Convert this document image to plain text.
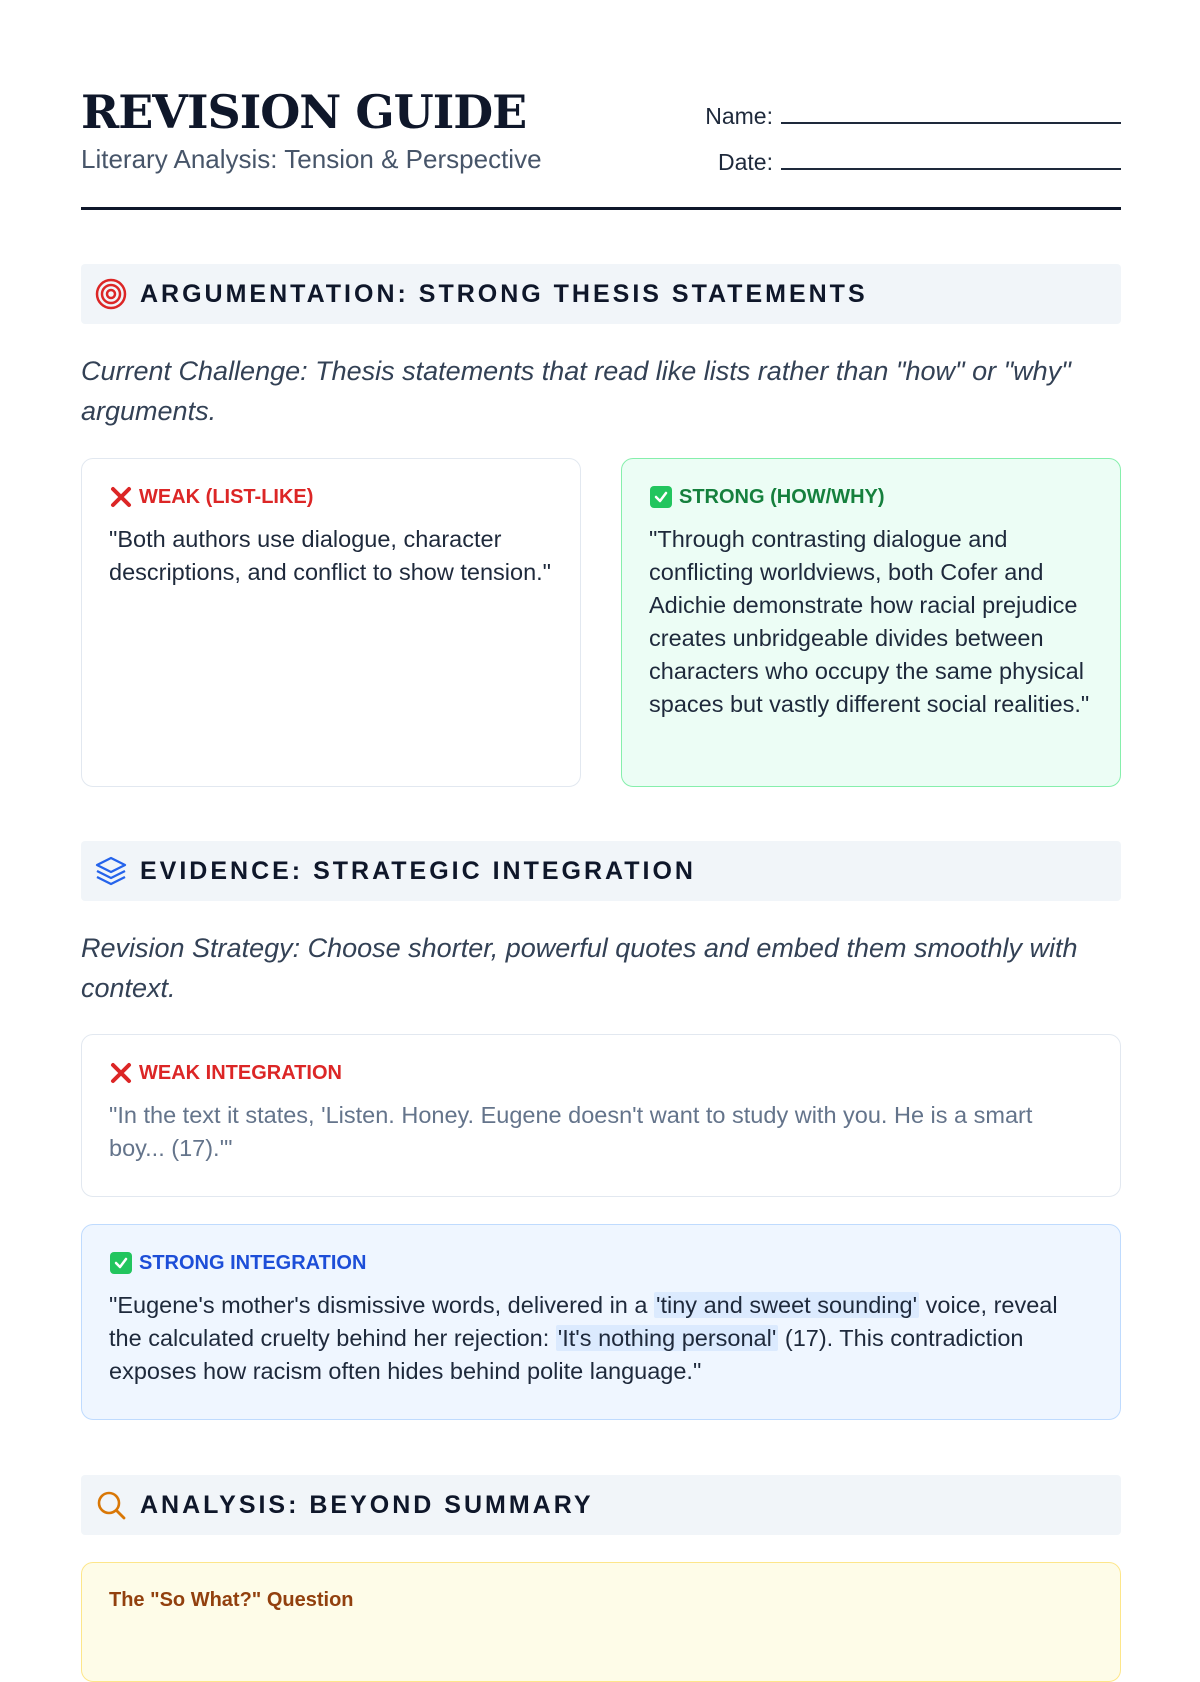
REVISION GUIDE
Literary Analysis: Tension & Perspective
Name:
Date:
ARGUMENTATION: STRONG THESIS STATEMENTS
Current Challenge: Thesis statements that read like lists rather than "how" or "why" arguments.
WEAK (LIST-LIKE)
"Both authors use dialogue, character descriptions, and conflict to show tension."
STRONG (HOW/WHY)
"Through contrasting dialogue and conflicting worldviews, both Cofer and Adichie demonstrate how racial prejudice creates unbridgeable divides between characters who occupy the same physical spaces but vastly different social realities."
EVIDENCE: STRATEGIC INTEGRATION
Revision Strategy: Choose shorter, powerful quotes and embed them smoothly with context.
WEAK INTEGRATION
"In the text it states, 'Listen. Honey. Eugene doesn't want to study with you. He is a smart boy... (17).'"
STRONG INTEGRATION
"Eugene's mother's dismissive words, delivered in a 'tiny and sweet sounding' voice, reveal the calculated cruelty behind her rejection: 'It's nothing personal' (17). This contradiction exposes how racism often hides behind polite language."
ANALYSIS: BEYOND SUMMARY
The "So What?" Question
